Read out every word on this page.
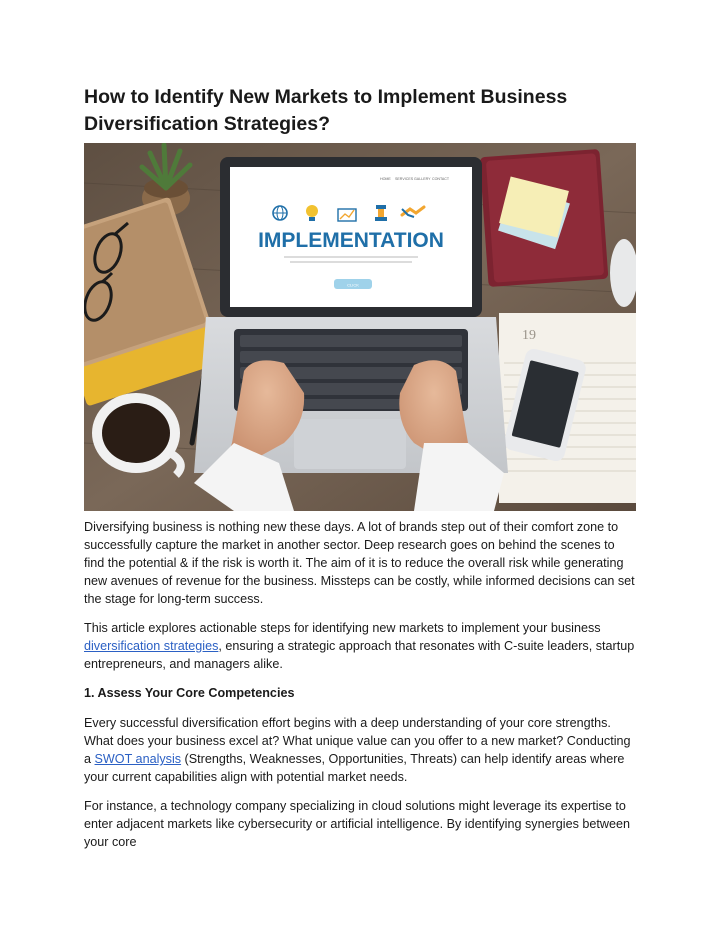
How to Identify New Markets to Implement Business Diversification Strategies?
19
HOME SERVICES GALLERY CONTACT
IMPLEMENTATION
CLICK

Diversifying business is nothing new these days. A lot of brands step out of their comfort zone to successfully capture the market in another sector. Deep research goes on behind the scenes to find the potential & if the risk is worth it. The aim of it is to reduce the overall risk while generating new avenues of revenue for the business. Missteps can be costly, while informed decisions can set the stage for long-term success.

This article explores actionable steps for identifying new markets to implement your business diversification strategies, ensuring a strategic approach that resonates with C-suite leaders, startup entrepreneurs, and managers alike.

1. Assess Your Core Competencies

Every successful diversification effort begins with a deep understanding of your core strengths. What does your business excel at? What unique value can you offer to a new market? Conducting a SWOT analysis (Strengths, Weaknesses, Opportunities, Threats) can help identify areas where your current capabilities align with potential market needs.

For instance, a technology company specializing in cloud solutions might leverage its expertise to enter adjacent markets like cybersecurity or artificial intelligence. By identifying synergies between your core
